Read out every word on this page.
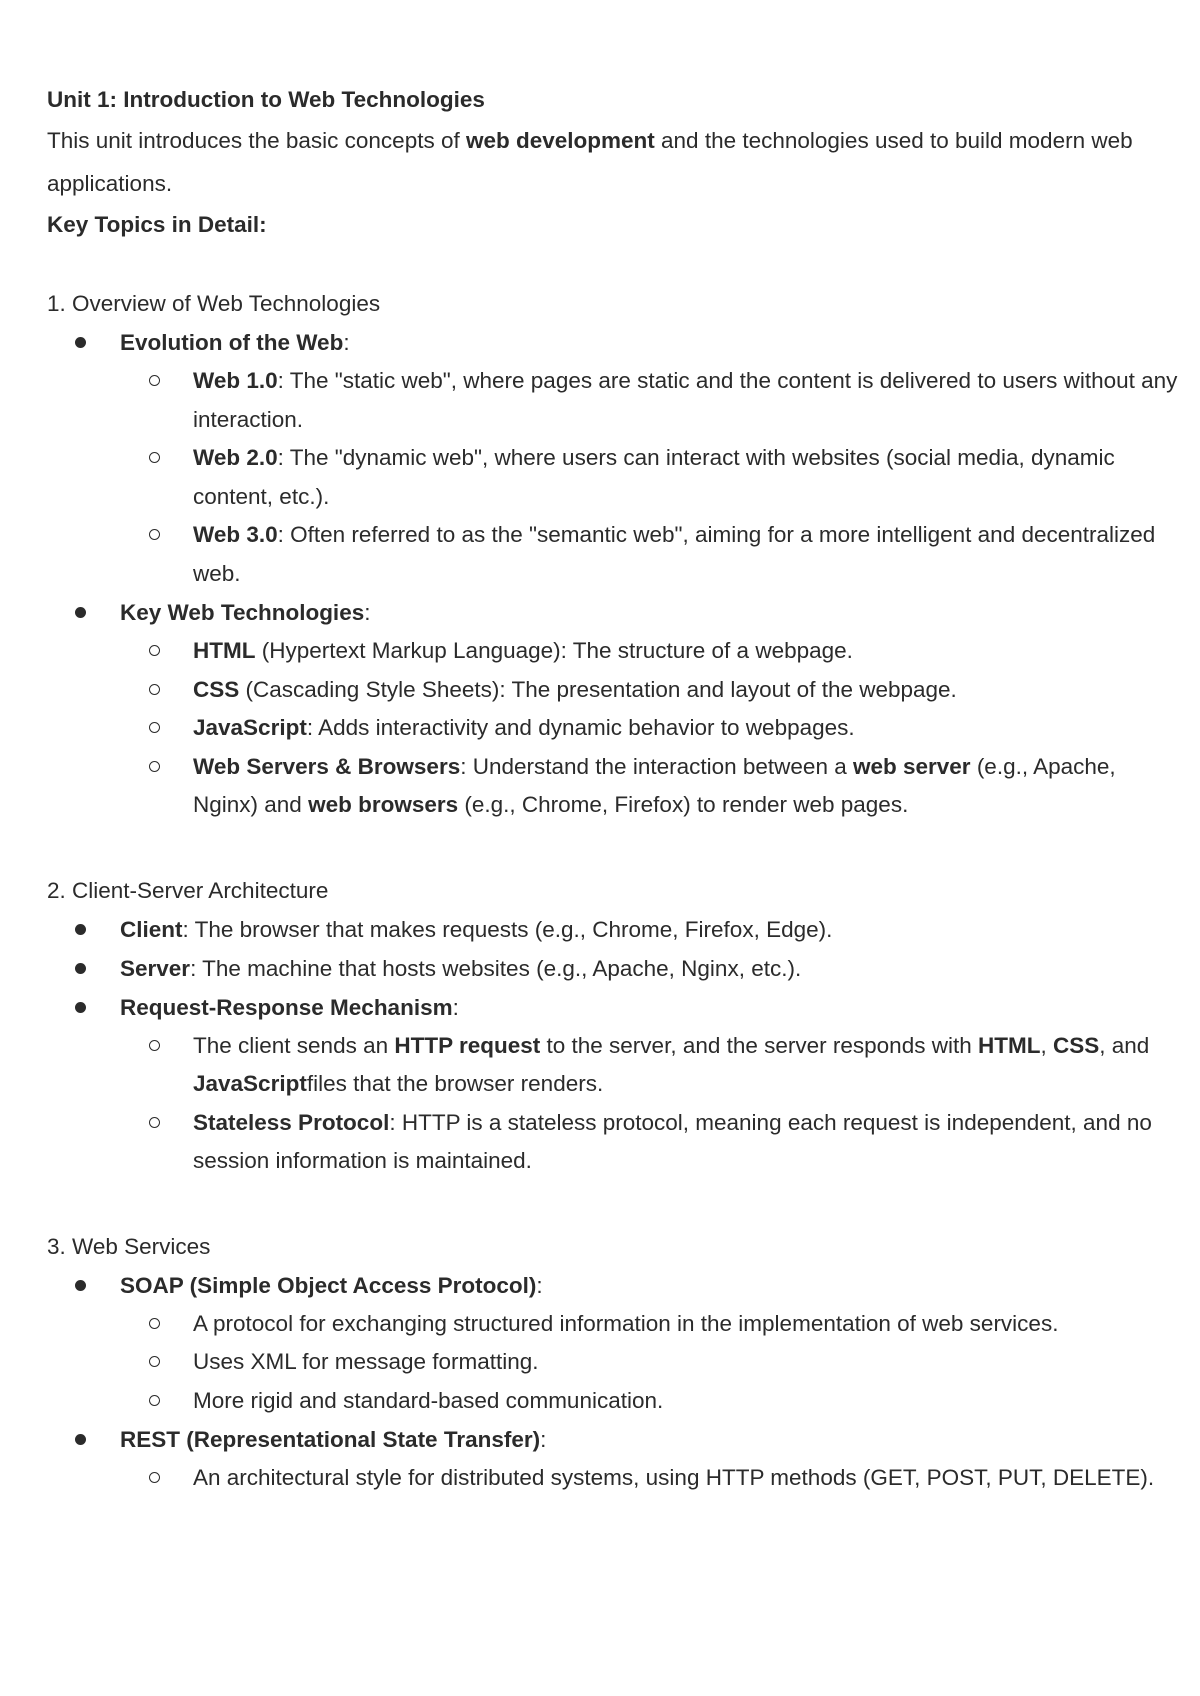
Unit 1: Introduction to Web Technologies
This unit introduces the basic concepts of web development and the technologies used to build modern web applications.
Key Topics in Detail:
1. Overview of Web Technologies
Evolution of the Web:
Web 1.0: The "static web", where pages are static and the content is delivered to users without any interaction.
Web 2.0: The "dynamic web", where users can interact with websites (social media, dynamic content, etc.).
Web 3.0: Often referred to as the "semantic web", aiming for a more intelligent and decentralized web.
Key Web Technologies:
HTML (Hypertext Markup Language): The structure of a webpage.
CSS (Cascading Style Sheets): The presentation and layout of the webpage.
JavaScript: Adds interactivity and dynamic behavior to webpages.
Web Servers & Browsers: Understand the interaction between a web server (e.g., Apache, Nginx) and web browsers (e.g., Chrome, Firefox) to render web pages.
2. Client-Server Architecture
Client: The browser that makes requests (e.g., Chrome, Firefox, Edge).
Server: The machine that hosts websites (e.g., Apache, Nginx, etc.).
Request-Response Mechanism:
The client sends an HTTP request to the server, and the server responds with HTML, CSS, and JavaScriptfiles that the browser renders.
Stateless Protocol: HTTP is a stateless protocol, meaning each request is independent, and no session information is maintained.
3. Web Services
SOAP (Simple Object Access Protocol):
A protocol for exchanging structured information in the implementation of web services.
Uses XML for message formatting.
More rigid and standard-based communication.
REST (Representational State Transfer):
An architectural style for distributed systems, using HTTP methods (GET, POST, PUT, DELETE).
